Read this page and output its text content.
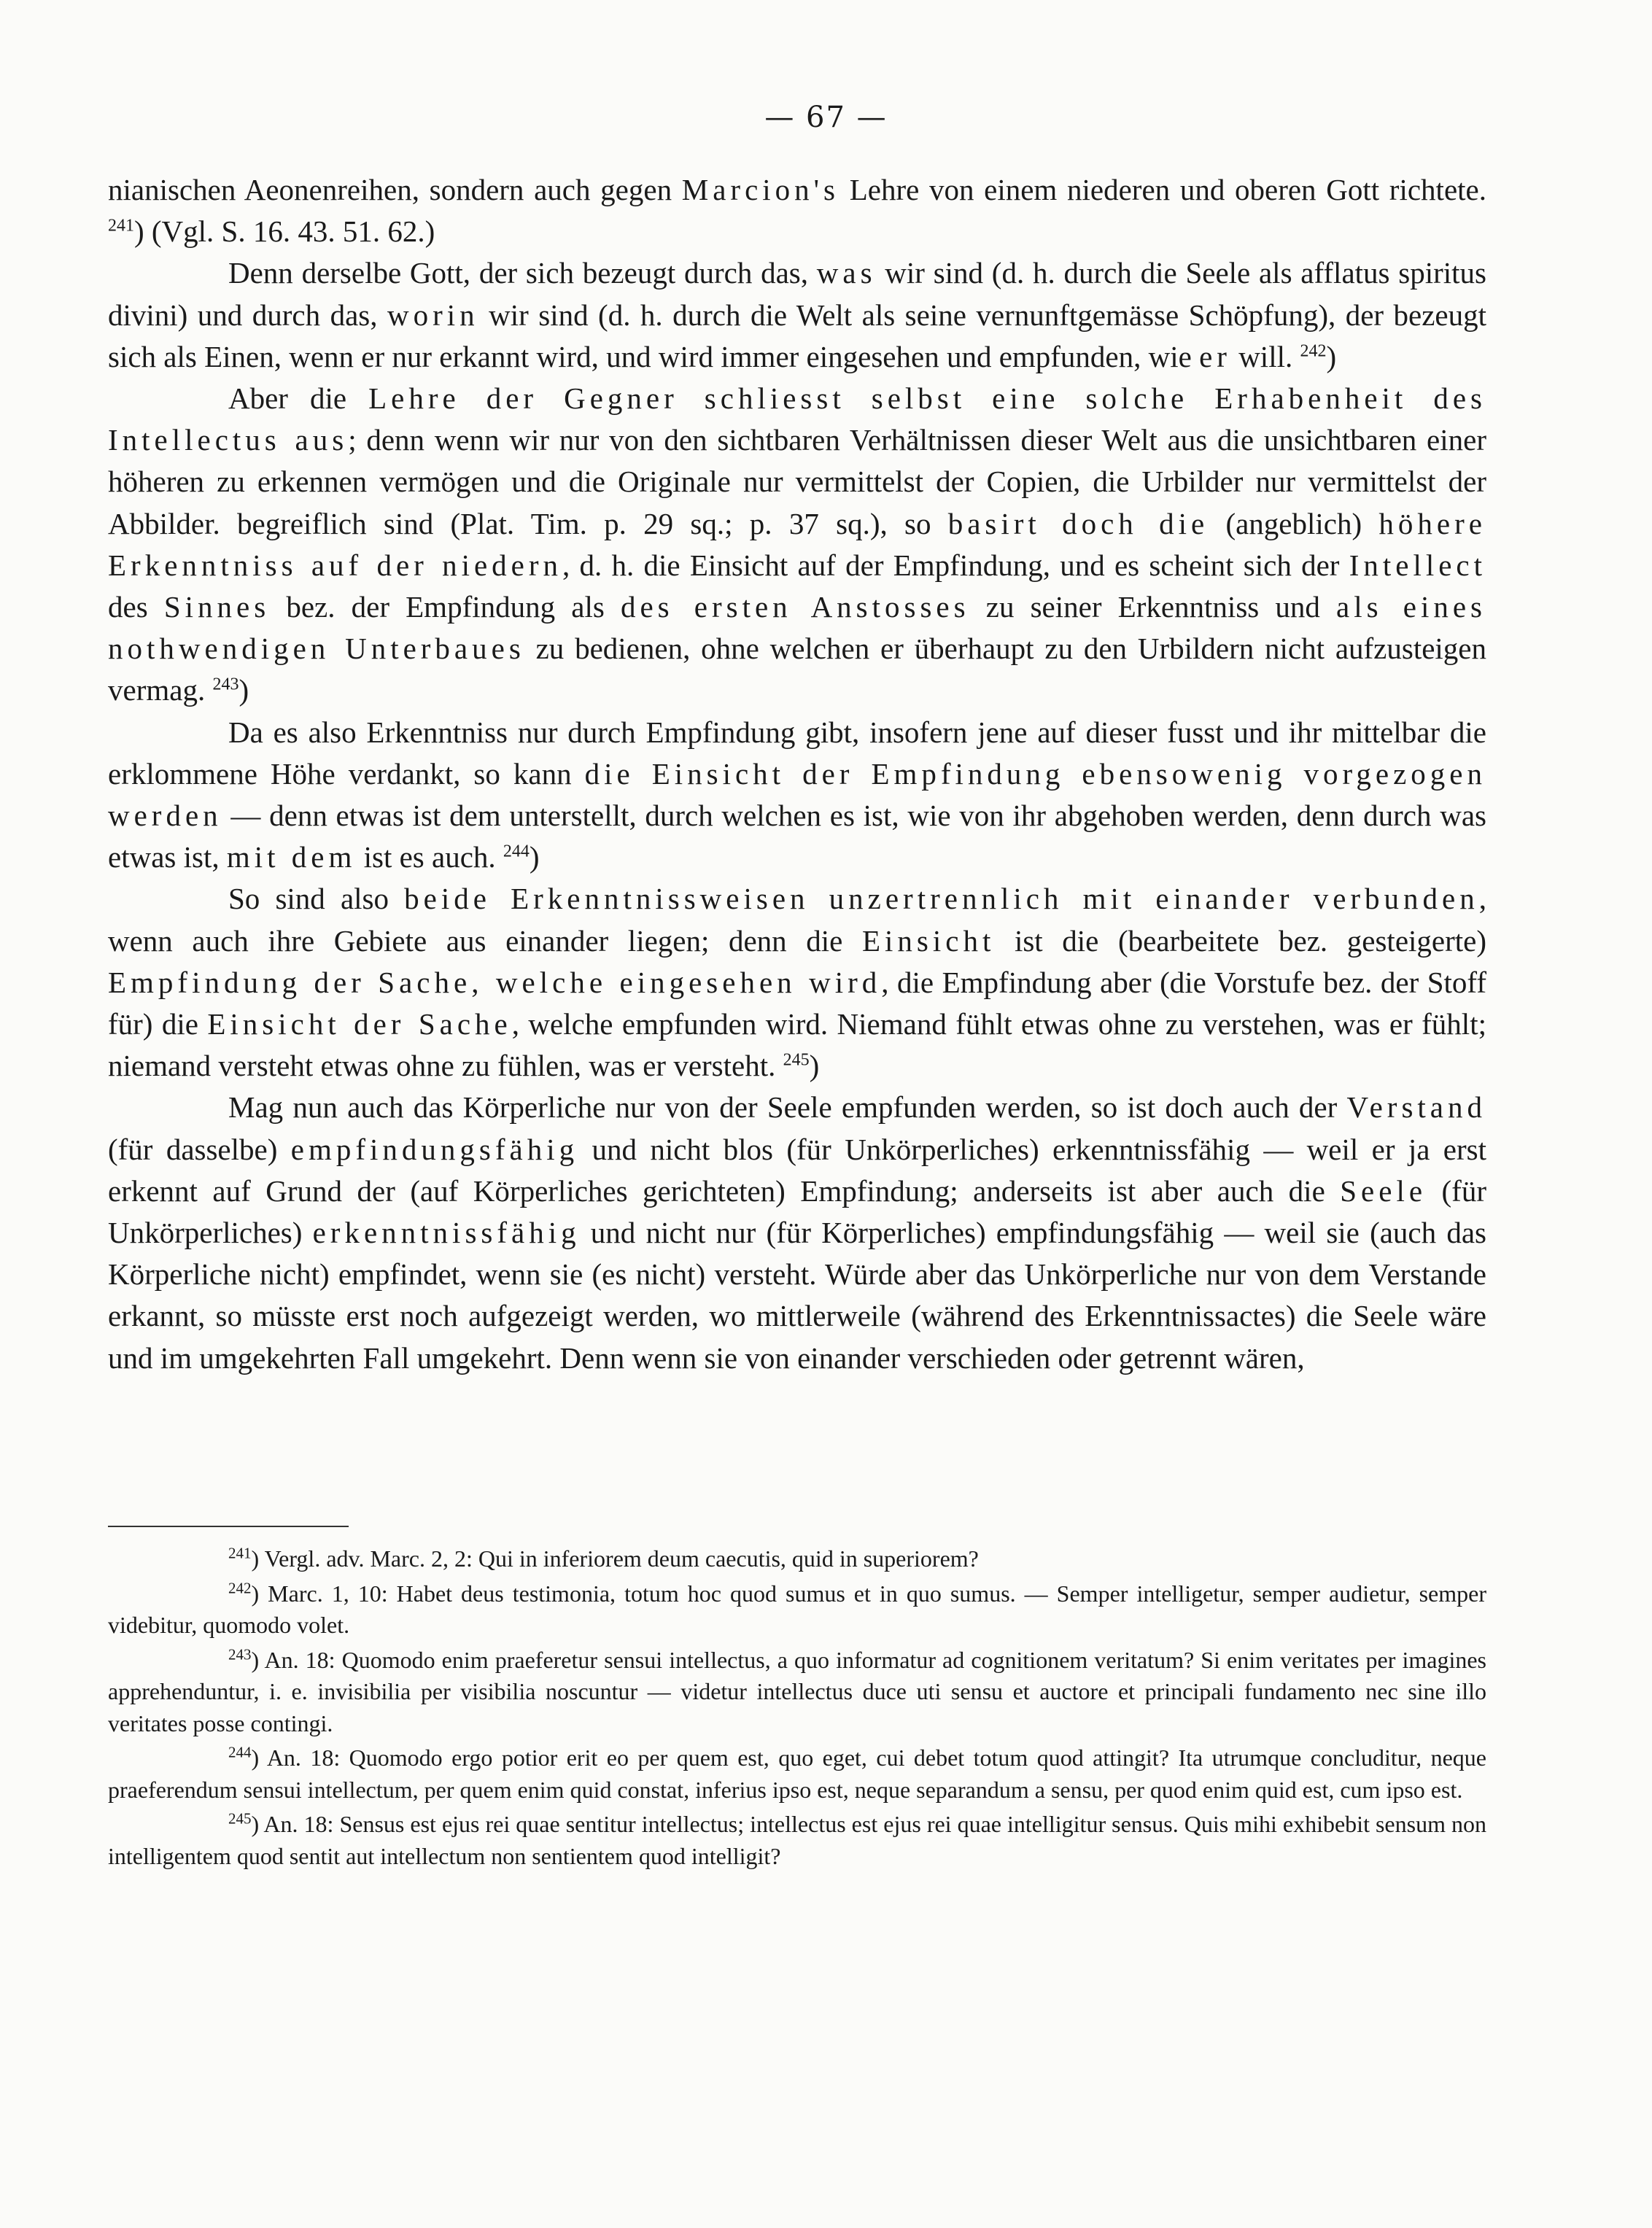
— 67 —

nianischen Aeonenreihen, sondern auch gegen Marcion's Lehre von einem niederen und oberen Gott richtete. $^{241}$) (Vgl. S. 16. 43. 51. 62.)

Denn derselbe Gott, der sich bezeugt durch das, was wir sind (d. h. durch die Seele als afflatus spiritus divini) und durch das, worin wir sind (d. h. durch die Welt als seine vernunftgemässe Schöpfung), der bezeugt sich als Einen, wenn er nur erkannt wird, und wird immer eingesehen und empfunden, wie er will. $^{242}$)

Aber die Lehre der Gegner schliesst selbst eine solche Erhabenheit des Intellectus aus; denn wenn wir nur von den sichtbaren Verhältnissen dieser Welt aus die unsichtbaren einer höheren zu erkennen vermögen und die Originale nur vermittelst der Copien, die Urbilder nur vermittelst der Abbilder. begreiflich sind (Plat. Tim. p. 29 sq.; p. 37 sq.), so basirt doch die (angeblich) höhere Erkenntniss auf der niedern, d. h. die Einsicht auf der Empfindung, und es scheint sich der Intellect des Sinnes bez. der Empfindung als des ersten Anstosses zu seiner Erkenntniss und als eines nothwendigen Unterbaues zu bedienen, ohne welchen er überhaupt zu den Urbildern nicht aufzusteigen vermag. $^{243}$)

Da es also Erkenntniss nur durch Empfindung gibt, insofern jene auf dieser fusst und ihr mittelbar die erklommene Höhe verdankt, so kann die Einsicht der Empfindung ebensowenig vorgezogen werden — denn etwas ist dem unterstellt, durch welchen es ist, wie von ihr abgehoben werden, denn durch was etwas ist, mit dem ist es auch. $^{244}$)

So sind also beide Erkenntnissweisen unzertrennlich mit einander verbunden, wenn auch ihre Gebiete aus einander liegen; denn die Einsicht ist die (bearbeitete bez. gesteigerte) Empfindung der Sache, welche eingesehen wird, die Empfindung aber (die Vorstufe bez. der Stoff für) die Einsicht der Sache, welche empfunden wird. Niemand fühlt etwas ohne zu verstehen, was er fühlt; niemand versteht etwas ohne zu fühlen, was er versteht. $^{245}$)

Mag nun auch das Körperliche nur von der Seele empfunden werden, so ist doch auch der Verstand (für dasselbe) empfindungsfähig und nicht blos (für Unkörperliches) erkenntnissfähig — weil er ja erst erkennt auf Grund der (auf Körperliches gerichteten) Empfindung; anderseits ist aber auch die Seele (für Unkörperliches) erkenntnissfähig und nicht nur (für Körperliches) empfindungsfähig — weil sie (auch das Körperliche nicht) empfindet, wenn sie (es nicht) versteht. Würde aber das Unkörperliche nur von dem Verstande erkannt, so müsste erst noch aufgezeigt werden, wo mittlerweile (während des Erkenntnissactes) die Seele wäre und im umgekehrten Fall umgekehrt. Denn wenn sie von einander verschieden oder getrennt wären,

$^{241}$) Vergl. adv. Marc. 2, 2: Qui in inferiorem deum caecutis, quid in superiorem?

$^{242}$) Marc. 1, 10: Habet deus testimonia, totum hoc quod sumus et in quo sumus. — Semper intelligetur, semper audietur, semper videbitur, quomodo volet.

$^{243}$) An. 18: Quomodo enim praeferetur sensui intellectus, a quo informatur ad cognitionem veritatum? Si enim veritates per imagines apprehenduntur, i. e. invisibilia per visibilia noscuntur — videtur intellectus duce uti sensu et auctore et principali fundamento nec sine illo veritates posse contingi.

$^{244}$) An. 18: Quomodo ergo potior erit eo per quem est, quo eget, cui debet totum quod attingit? Ita utrumque concluditur, neque praeferendum sensui intellectum, per quem enim quid constat, inferius ipso est, neque separandum a sensu, per quod enim quid est, cum ipso est.

$^{245}$) An. 18: Sensus est ejus rei quae sentitur intellectus; intellectus est ejus rei quae intelligitur sensus. Quis mihi exhibebit sensum non intelligentem quod sentit aut intellectum non sentientem quod intelligit?
